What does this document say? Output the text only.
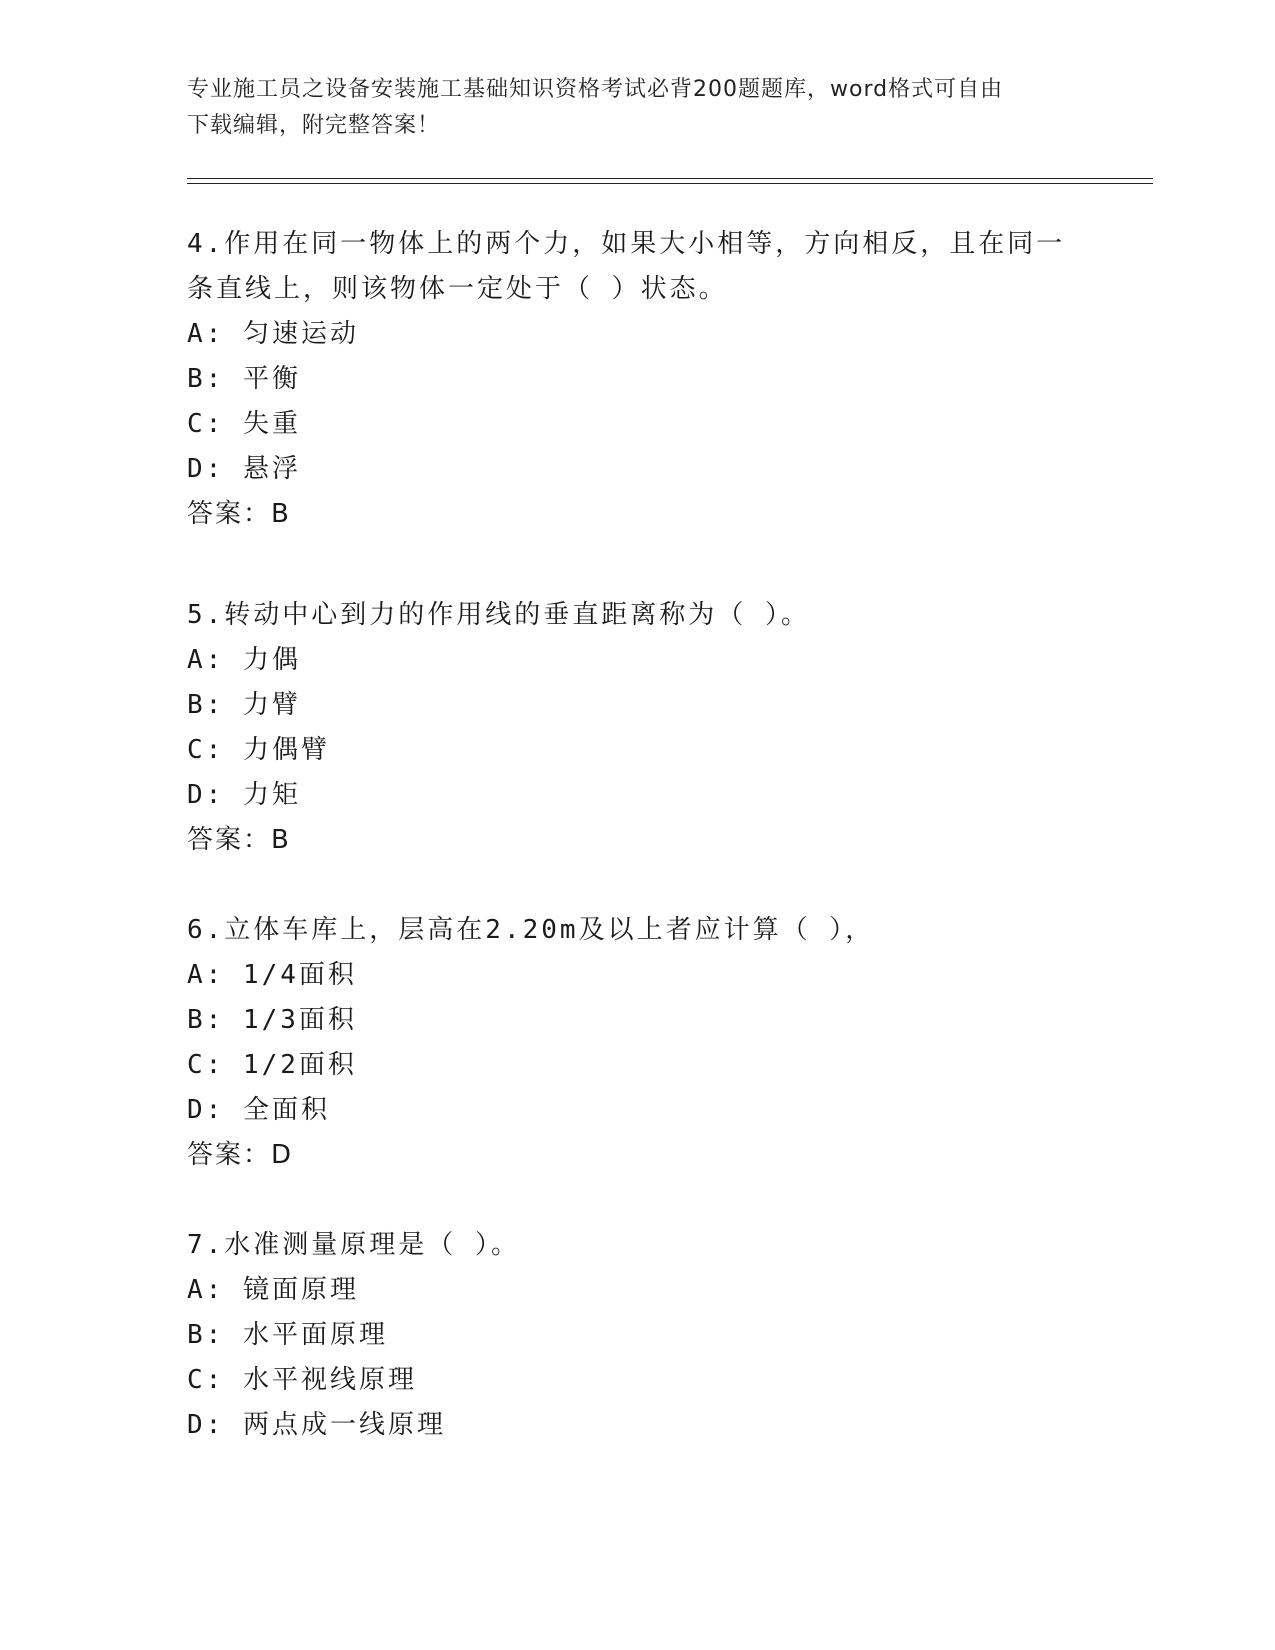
专业施工员之设备安装施工基础知识资格考试必背200题题库，word格式可自由
下载编辑，附完整答案！

4.作用在同一物体上的两个力，如果大小相等，方向相反，且在同一

条直线上，则该物体一定处于（ ）状态。

A: 匀速运动

B: 平衡

C: 失重

D: 悬浮

答案：B

5.转动中心到力的作用线的垂直距离称为（ ）。

A: 力偶

B: 力臂

C: 力偶臂

D: 力矩

答案：B

6.立体车库上，层高在2.20m及以上者应计算（ ），

A: 1/4面积

B: 1/3面积

C: 1/2面积

D: 全面积

答案：D

7.水准测量原理是（ ）。

A: 镜面原理

B: 水平面原理

C: 水平视线原理

D: 两点成一线原理
